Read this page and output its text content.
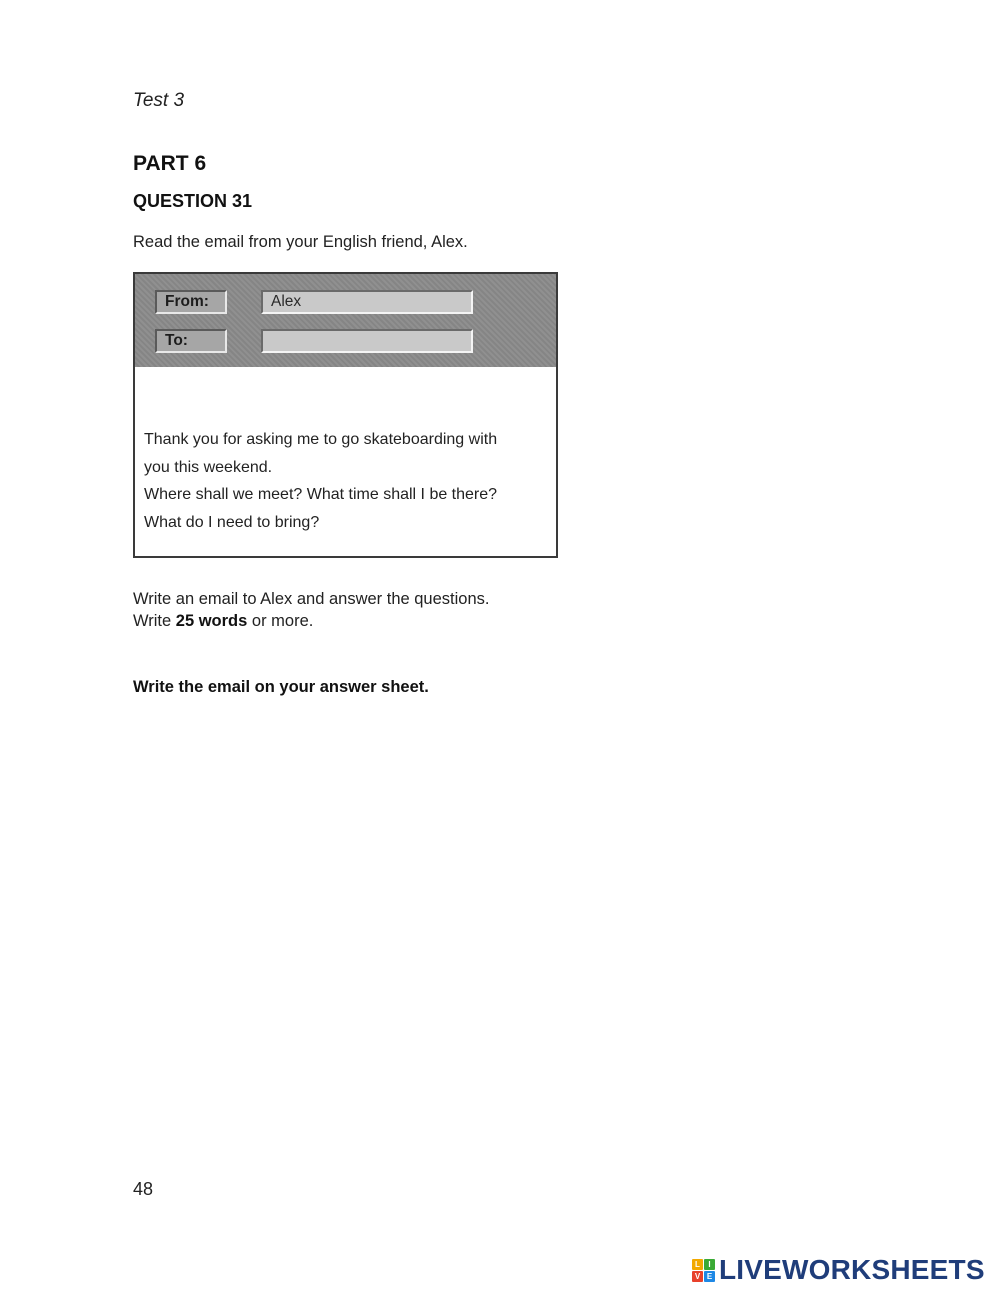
Test 3
PART 6
QUESTION 31
Read the email from your English friend, Alex.
From:	Alex
To:
Thank you for asking me to go skateboarding with
you this weekend.
Where shall we meet? What time shall I be there?
What do I need to bring?
Write an email to Alex and answer the questions.
Write 25 words or more.
Write the email on your answer sheet.
48
L	I
V E LIVEWORKSHEETS
